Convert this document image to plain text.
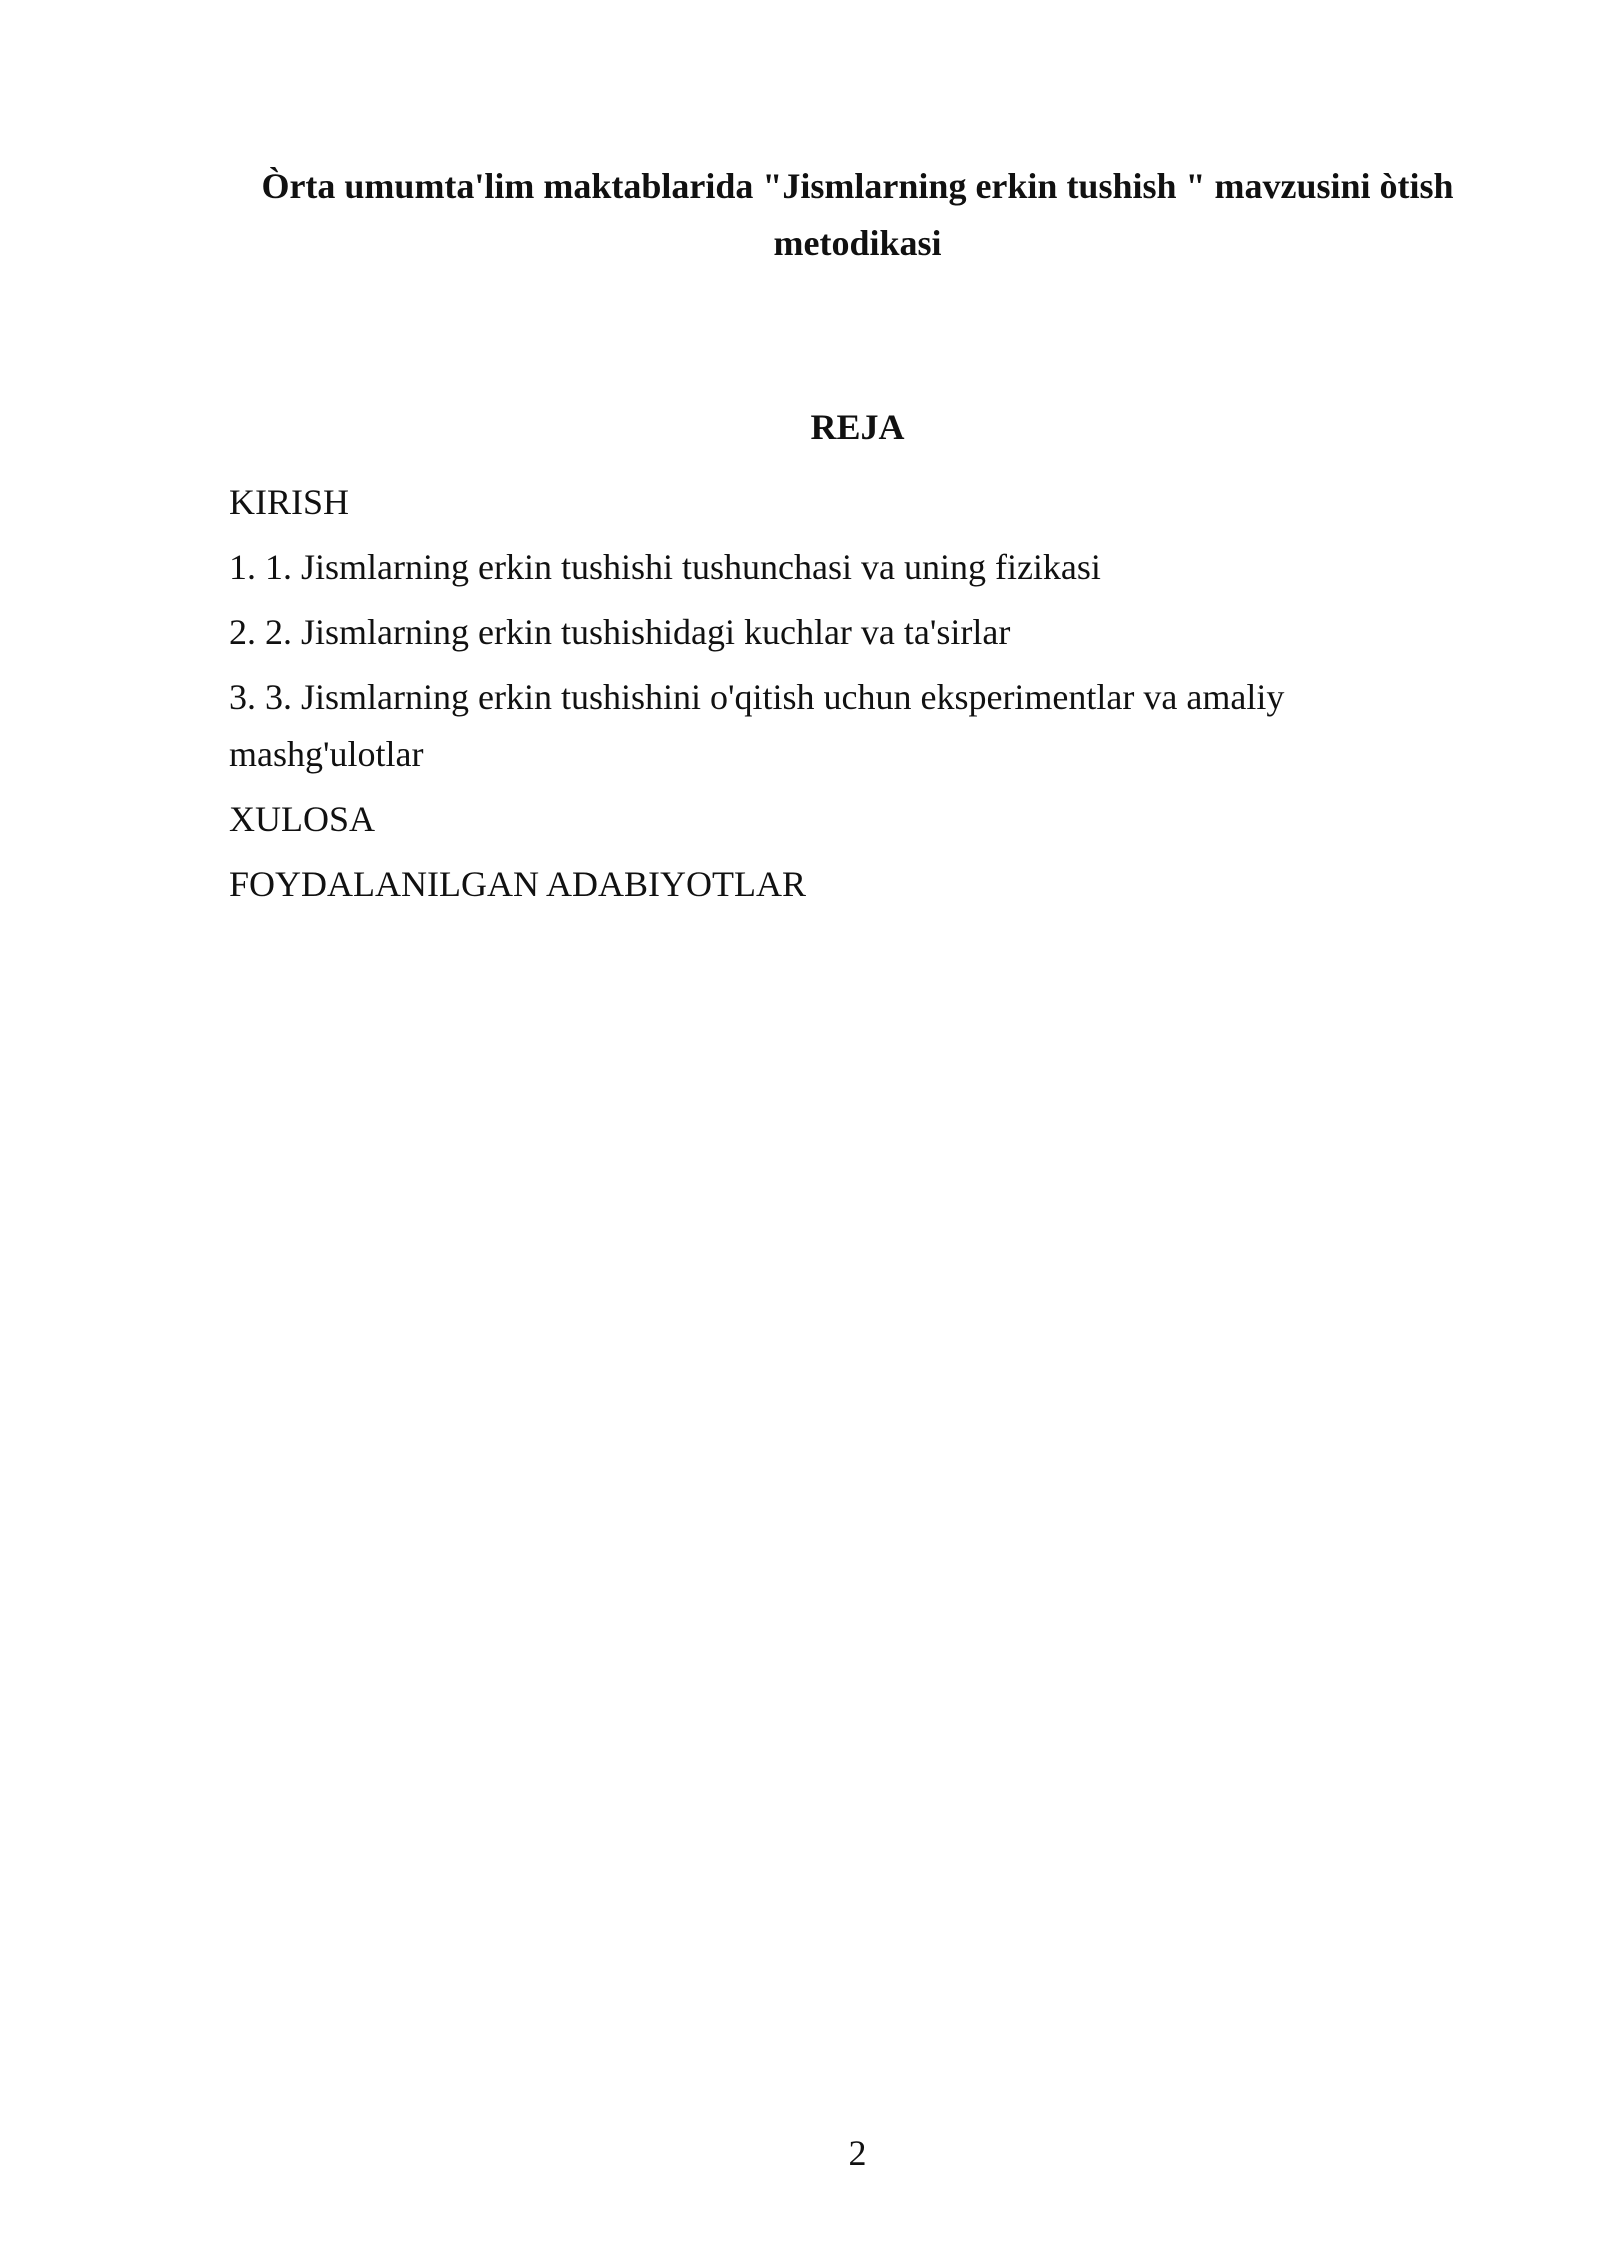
Òrta umumta'lim maktablarida "Jismlarning erkin tushish " mavzusini òtish metodikasi
REJA
KIRISH
1. 1. Jismlarning erkin tushishi tushunchasi va uning fizikasi
2. 2. Jismlarning erkin tushishidagi kuchlar va ta'sirlar
3. 3. Jismlarning erkin tushishini o'qitish uchun eksperimentlar va amaliy mashg'ulotlar
XULOSA
FOYDALANILGAN ADABIYOTLAR
2
